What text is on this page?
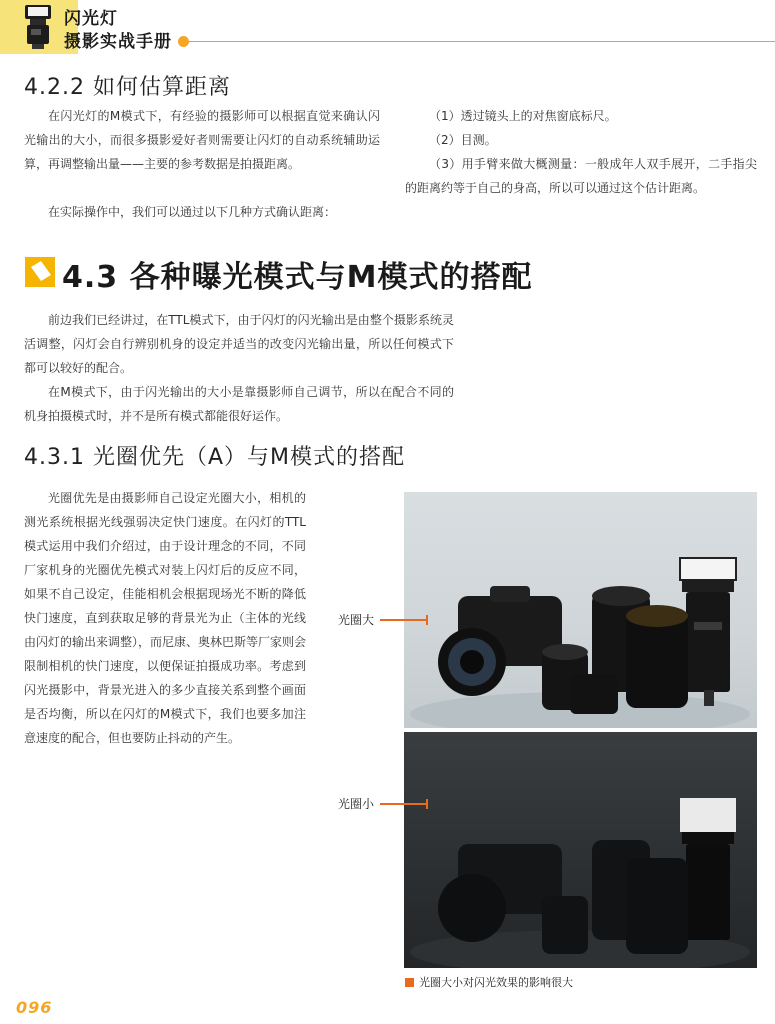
闪光灯
摄影实战手册
4.2.2 如何估算距离

在闪光灯的M模式下，有经验的摄影师可以根据直觉来确认闪光输出的大小，而很多摄影爱好者则需要让闪灯的自动系统辅助运算，再调整输出量——主要的参考数据是拍摄距离。

在实际操作中，我们可以通过以下几种方式确认距离：

（1）透过镜头上的对焦窗底标尺。

（2）目测。

（3）用手臂来做大概测量：一般成年人双手展开，二手指尖的距离约等于自己的身高，所以可以通过这个估计距离。

4.3 各种曝光模式与M模式的搭配

前边我们已经讲过，在TTL模式下，由于闪灯的闪光输出是由整个摄影系统灵活调整，闪灯会自行辨别机身的设定并适当的改变闪光输出量，所以任何模式下都可以较好的配合。

在M模式下，由于闪光输出的大小是靠摄影师自己调节，所以在配合不同的机身拍摄模式时，并不是所有模式都能很好运作。

4.3.1 光圈优先（A）与M模式的搭配

光圈优先是由摄影师自己设定光圈大小，相机的测光系统根据光线强弱决定快门速度。在闪灯的TTL模式运用中我们介绍过，由于设计理念的不同，不同厂家机身的光圈优先模式对装上闪灯后的反应不同，如果不自己设定，佳能相机会根据现场光不断的降低快门速度，直到获取足够的背景光为止（主体的光线由闪灯的输出来调整），而尼康、奥林巴斯等厂家则会限制相机的快门速度，以便保证拍摄成功率。考虑到闪光摄影中，背景光进入的多少直接关系到整个画面是否均衡，所以在闪灯的M模式下，我们也要多加注意速度的配合，但也要防止抖动的产生。

光圈大
光圈小
光圈大小对闪光效果的影响很大
096
